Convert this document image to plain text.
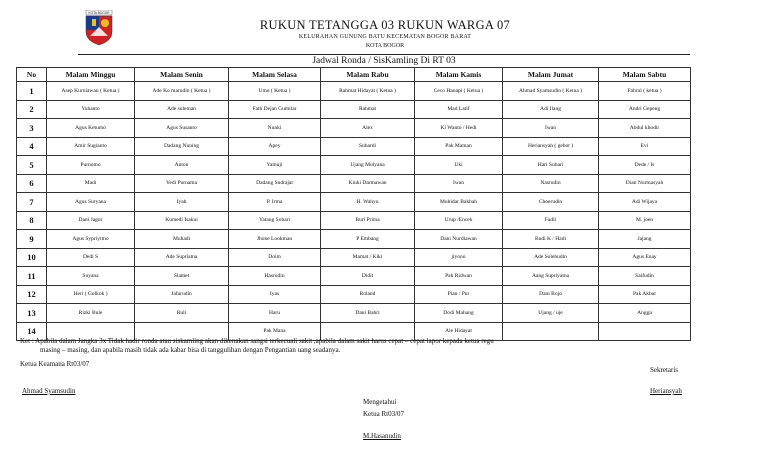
KOTA BOGOR
RUKUN TETANGGA 03 RUKUN WARGA 07
KELURAHAN GUNUNG BATU KECEMATAN BOGOR BARAT
KOTA BOGOR
Jadwal Ronda / SisKamling Di RT 03
No	Malam Minggu	Malam Senin	Malam Selasa	Malam Rabu	Malam Kamis	Malam Jumat	Malam Sabtu
1	Asep Kurniawan ( Ketua )	Ade Ko marudin ( Ketua )	Umu ( Ketua )	Rahmat Hidayat ( Ketua )	Ceco Hanapi ( Ketua )	Ahmad Syamsudin ( Ketua )	Fahrul ( ketua )
2	Yuhanto	Ade suleman	Fath Dejan Gumilar	Rahmat	Mad Latif	Adi Ilang	Andri Gepeng
3	Agus Ketumo	Agus Susanto	Nunki	Alex	Ki Wanto / Hedi	Iwan	Abdul khodir
4	Amir Sugianto	Dadang Nuning	Apey	Subardi	Pak Maman	Heriansyah ( gebot )	Evi
5	Purnomo	Anton	Yamuji	Ujang Mulyana	Uki	Hari Subari	Dede / Is
6	Madi	Yedi Purnama	Dadang Sudrajat	Kiuki Darmawan	Iwan	Nasrudin	Dian Nurmasyah
7	Agus Suryana	Iyah	P. Irma	H. Wahyu	Muhidar Bakbah	Choerudin	Adi Wijaya
8	Dani Jagur	Kumedi Isakui	Yatang Sobari	Buri Prima	Urup /Encek	Fadli	M. joen
9	Agus Sypriyitno	Muhadi	Jhone Lookman	P Embang	Dani Nurdiawan	Budi K / Hadi	Jajang
10	Dedi S	Ade Supriatna	Doim	Mamat / Kiki	jiyono	Ade Solehudin	Agus Enay
11	Suyana	Slamet	Hasrudin	Didit	Pak Ridwan	Aang Supriyatna	Saifudin
12	Heri ( Golkok )	Jafarudin	Iyas	Roland	Pian / Pur	Dani Bojo	Pak Akbar
13	Rizki Bule	Ruli	Haru	Dani Bahri	Dodi Mahang	Ujang / uje	Angga
14			Pak Mana		Ale Hidayat		
Ket : Apabila dalam Jangka 3x Tidak hadir ronda atau siskamling akan dikenakan sangsi terkecuali sakit ,apabila dalam sakit harus cepat – cepat lapor kepada ketua regu
masing – masing, dan apabila masih tidak ada kabar bisa di tanggulihan dengan Pengantian uang seadanya.
Ketua Keamana Rt03/07
Ahmad Syamsudin
Sekretaris
Heriansyah
Mengetahui
Ketua Rt03/07
M.Hasanudin
